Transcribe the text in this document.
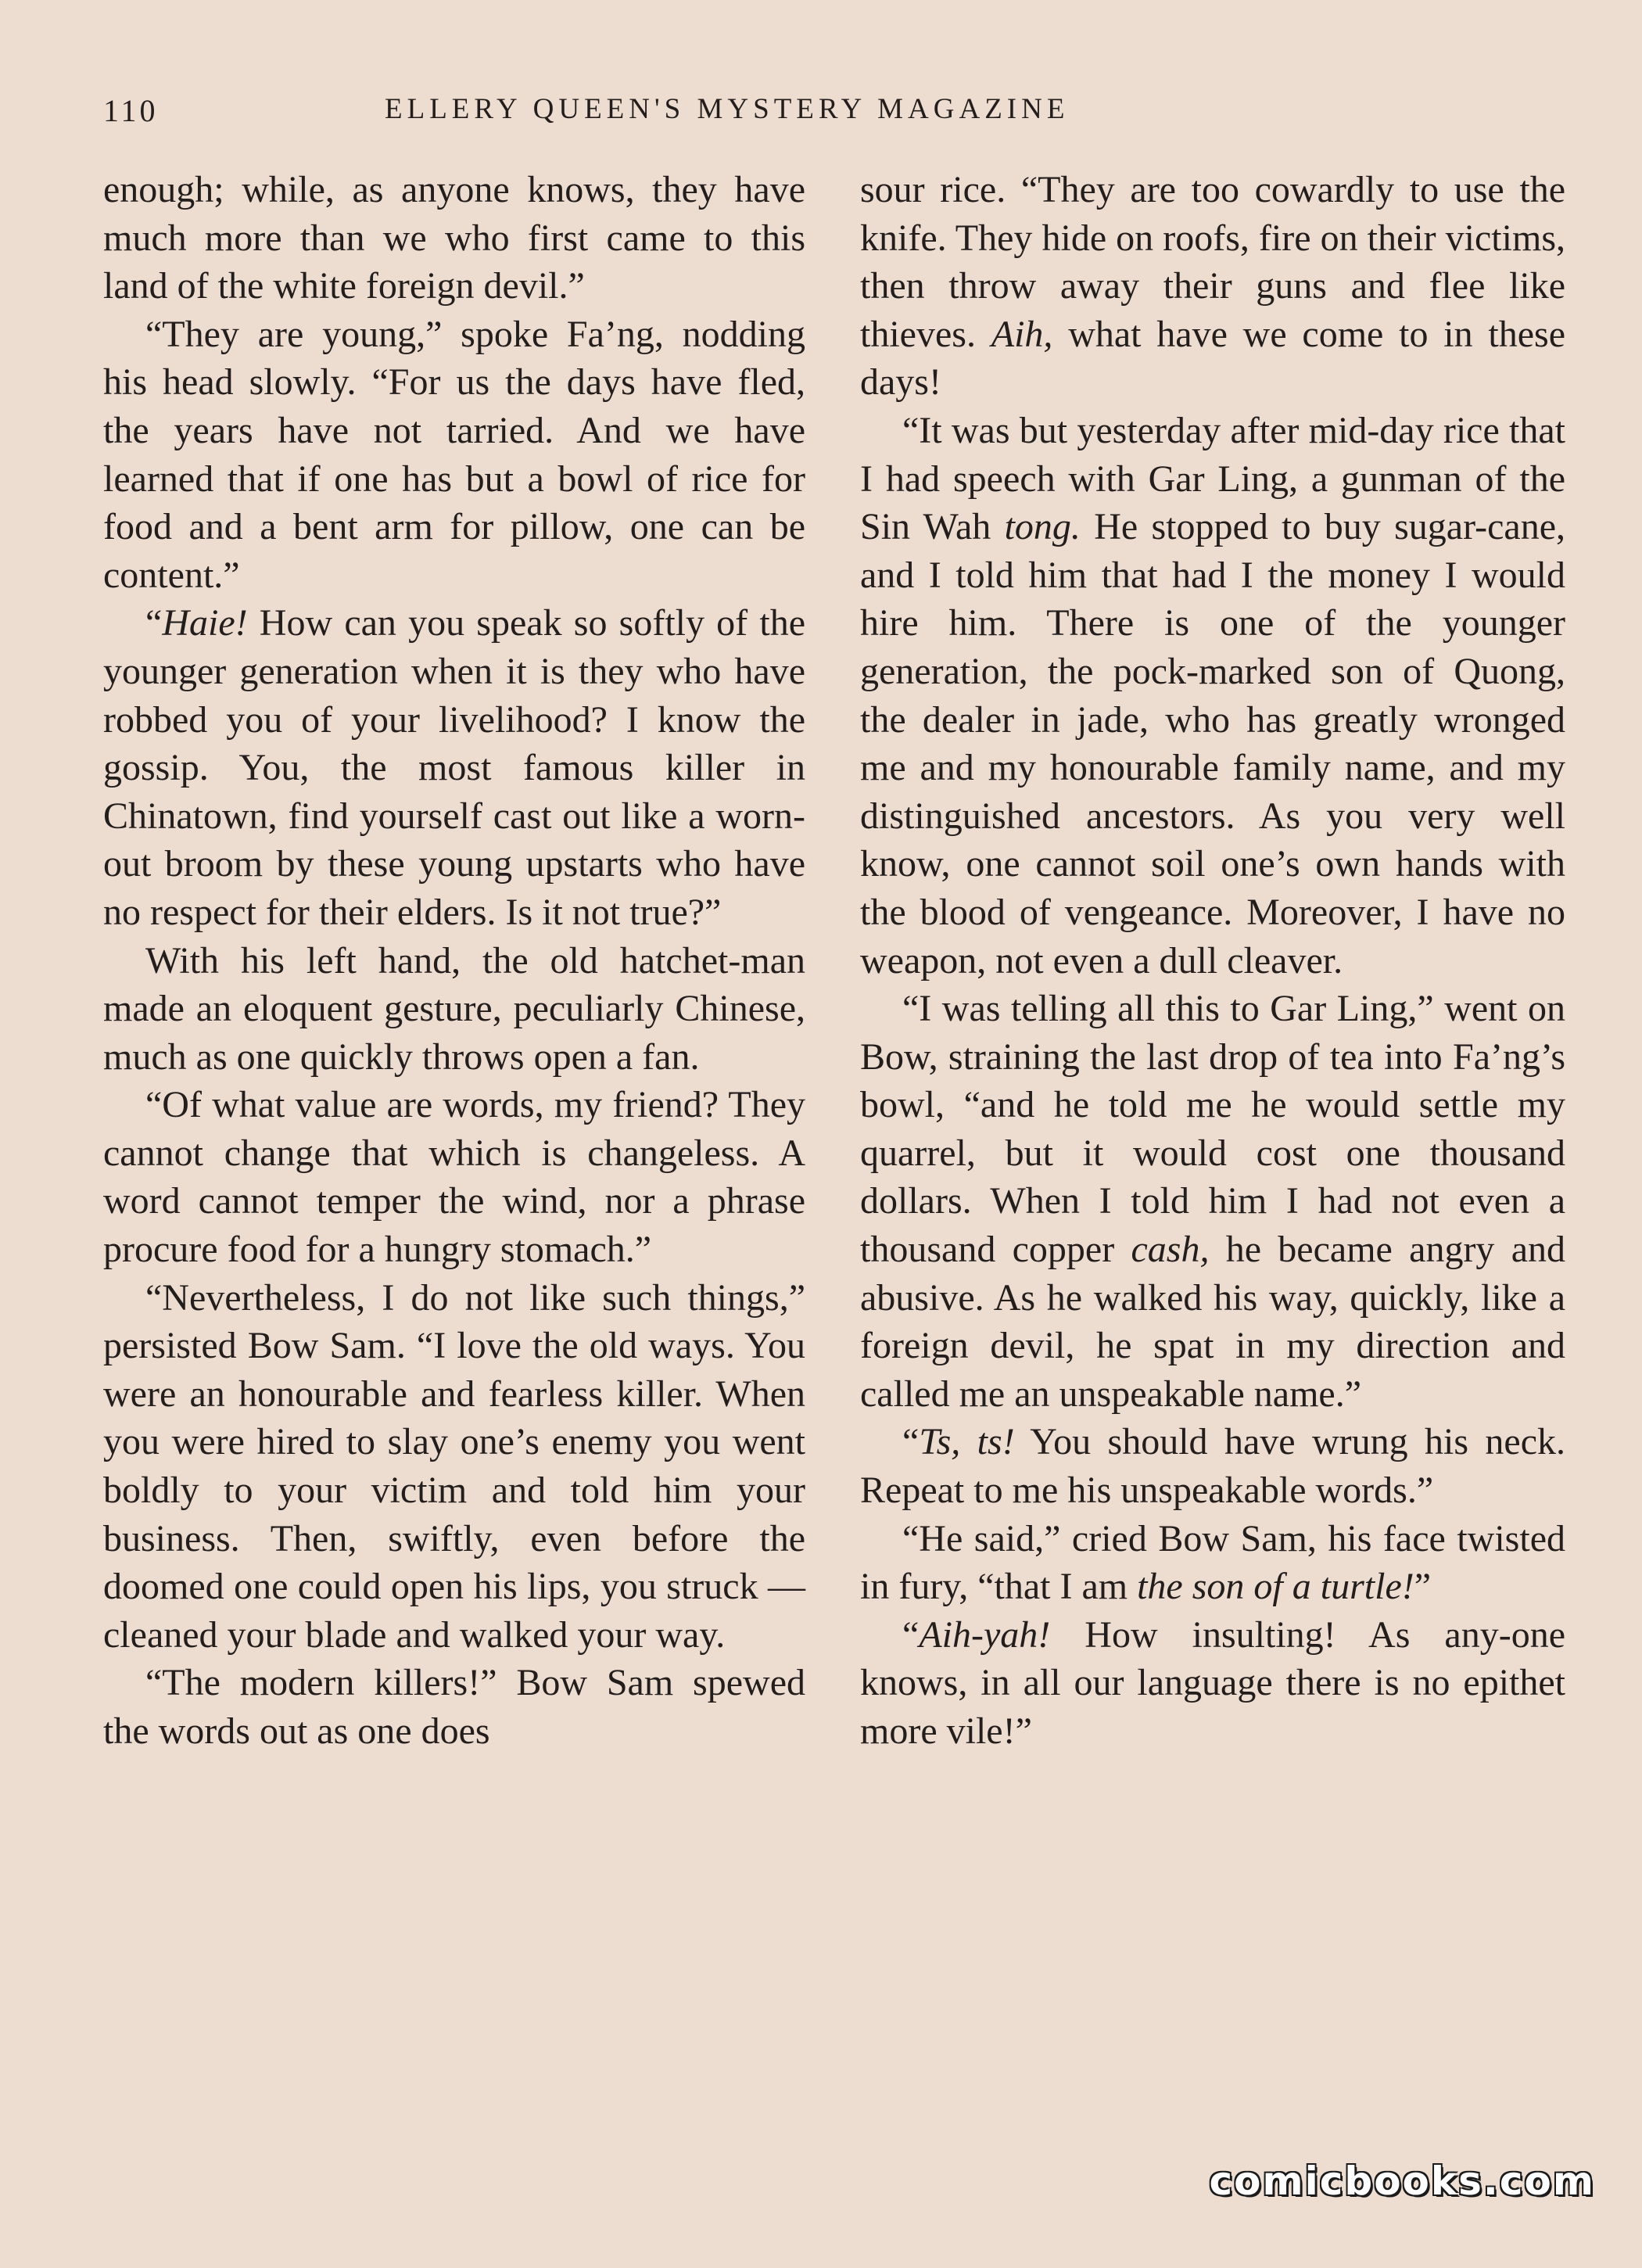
110	ELLERY QUEEN'S MYSTERY MAGAZINE

enough; while, as anyone knows, they have much more than we who first came to this land of the white foreign devil.”

“They are young,” spoke Fa’ng, nodding his head slowly. “For us the days have fled, the years have not tarried. And we have learned that if one has but a bowl of rice for food and a bent arm for pillow, one can be content.”

“Haie! How can you speak so softly of the younger generation when it is they who have robbed you of your livelihood? I know the gossip. You, the most famous killer in Chinatown, find yourself cast out like a worn-out broom by these young upstarts who have no respect for their elders. Is it not true?”

With his left hand, the old hatchet-man made an eloquent gesture, peculiarly Chinese, much as one quickly throws open a fan.

“Of what value are words, my friend? They cannot change that which is changeless. A word cannot temper the wind, nor a phrase procure food for a hungry stomach.”

“Nevertheless, I do not like such things,” persisted Bow Sam. “I love the old ways. You were an honourable and fearless killer. When you were hired to slay one’s enemy you went boldly to your victim and told him your business. Then, swiftly, even before the doomed one could open his lips, you struck — cleaned your blade and walked your way.

“The modern killers!” Bow Sam spewed the words out as one does

sour rice. “They are too cowardly to use the knife. They hide on roofs, fire on their victims, then throw away their guns and flee like thieves. Aih, what have we come to in these days!

“It was but yesterday after mid-day rice that I had speech with Gar Ling, a gunman of the Sin Wah tong. He stopped to buy sugar-cane, and I told him that had I the money I would hire him. There is one of the younger generation, the pock-marked son of Quong, the dealer in jade, who has greatly wronged me and my honourable family name, and my distinguished ancestors. As you very well know, one cannot soil one’s own hands with the blood of vengeance. Moreover, I have no weapon, not even a dull cleaver.

“I was telling all this to Gar Ling,” went on Bow, straining the last drop of tea into Fa’ng’s bowl, “and he told me he would settle my quarrel, but it would cost one thousand dollars. When I told him I had not even a thousand copper cash, he became angry and abusive. As he walked his way, quickly, like a foreign devil, he spat in my direction and called me an unspeakable name.”

“Ts, ts! You should have wrung his neck. Repeat to me his unspeakable words.”

“He said,” cried Bow Sam, his face twisted in fury, “that I am the son of a turtle!”

“Aih-yah! How insulting! As any-one knows, in all our language there is no epithet more vile!”

comicbooks.com
